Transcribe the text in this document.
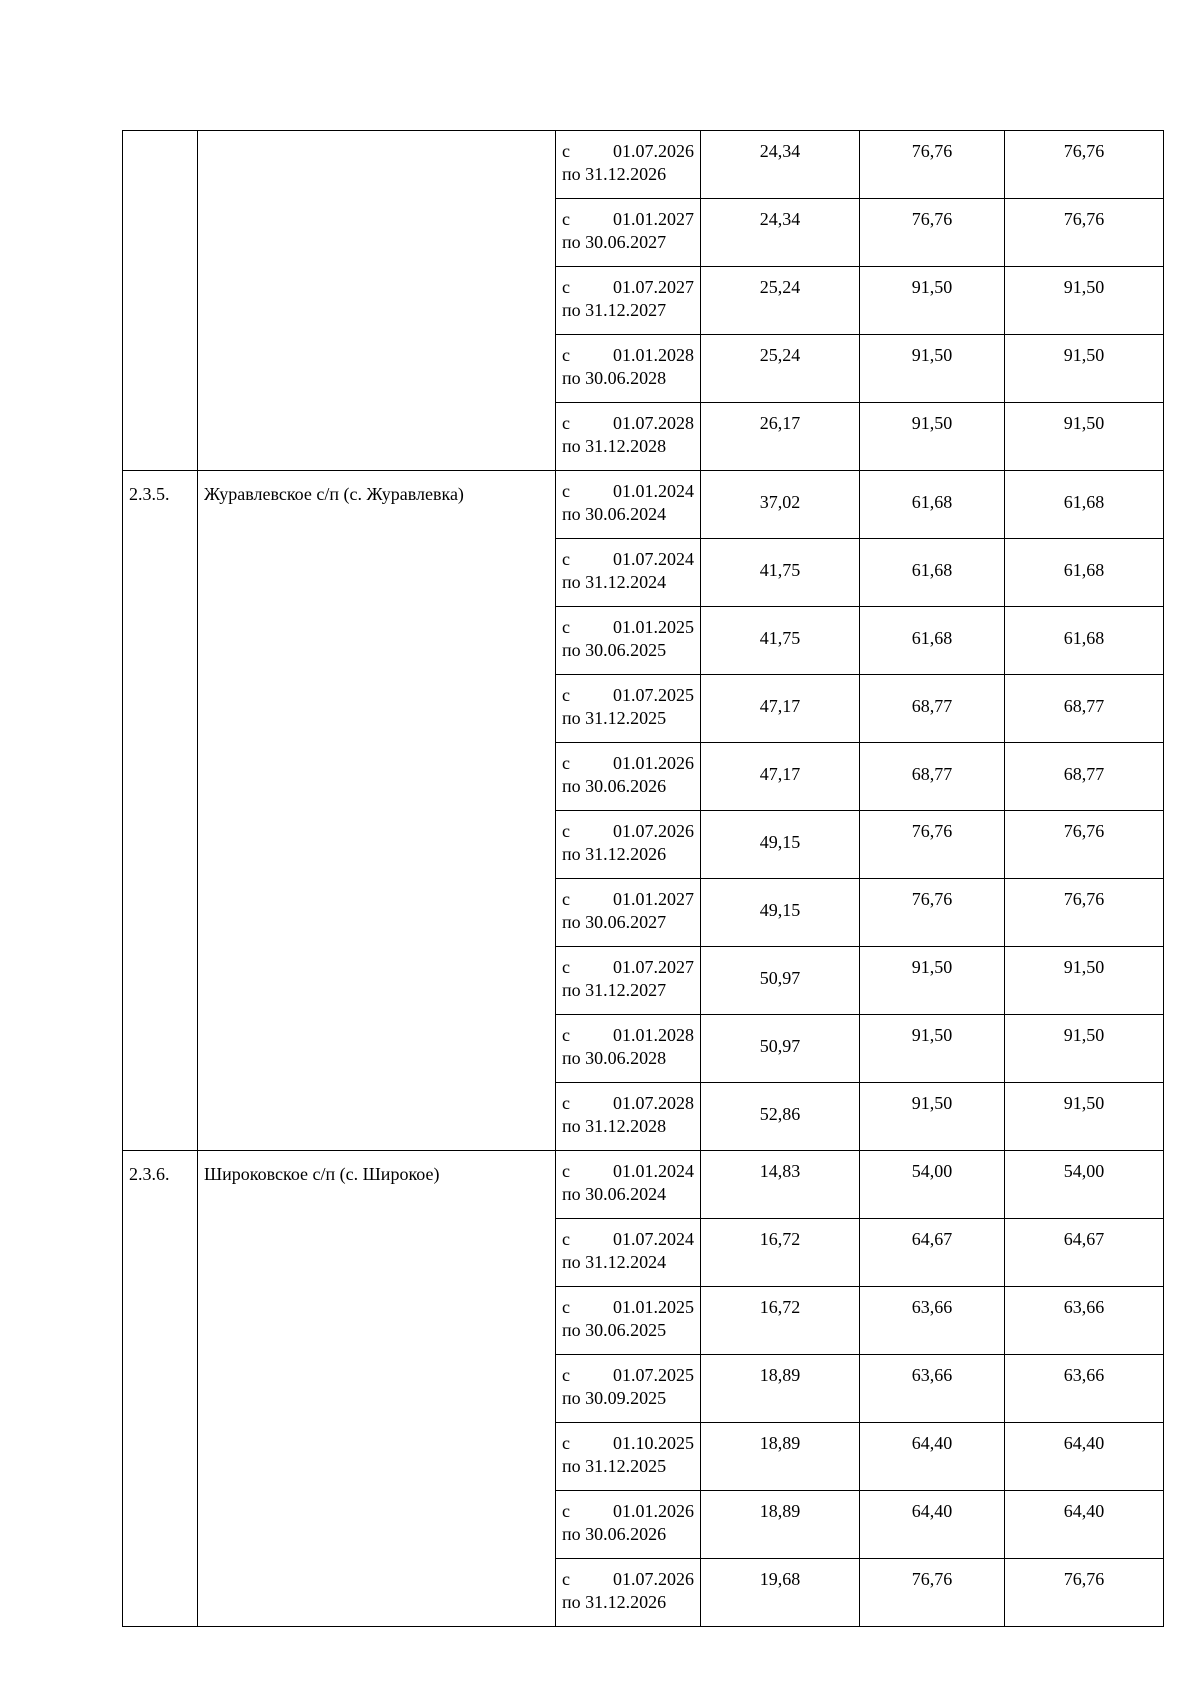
		с 01.07.2026
по 31.12.2026	24,34	76,76	76,76

		с 01.01.2027
по 30.06.2027	24,34	76,76	76,76

		с 01.07.2027
по 31.12.2027	25,24	91,50	91,50

		с 01.01.2028
по 30.06.2028	25,24	91,50	91,50

		с 01.07.2028
по 31.12.2028	26,17	91,50	91,50
2.3.5.	Журавлевское с/п (с. Журавлевка)	с 01.01.2024
по 30.06.2024	37,02	61,68	61,68

		с 01.07.2024
по 31.12.2024	41,75	61,68	61,68

		с 01.01.2025
по 30.06.2025	41,75	61,68	61,68

		с 01.07.2025
по 31.12.2025	47,17	68,77	68,77

		с 01.01.2026
по 30.06.2026	47,17	68,77	68,77

		с 01.07.2026
по 31.12.2026	49,15	76,76	76,76

		с 01.01.2027
по 30.06.2027	49,15	76,76	76,76

		с 01.07.2027
по 31.12.2027	50,97	91,50	91,50

		с 01.01.2028
по 30.06.2028	50,97	91,50	91,50

		с 01.07.2028
по 31.12.2028	52,86	91,50	91,50
2.3.6.	Широковское с/п (с. Широкое)	с 01.01.2024
по 30.06.2024	14,83	54,00	54,00

		с 01.07.2024
по 31.12.2024	16,72	64,67	64,67

		с 01.01.2025
по 30.06.2025	16,72	63,66	63,66

		с 01.07.2025
по 30.09.2025	18,89	63,66	63,66

		с 01.10.2025
по 31.12.2025	18,89	64,40	64,40

		с 01.01.2026
по 30.06.2026	18,89	64,40	64,40

		с 01.07.2026
по 31.12.2026	19,68	76,76	76,76
